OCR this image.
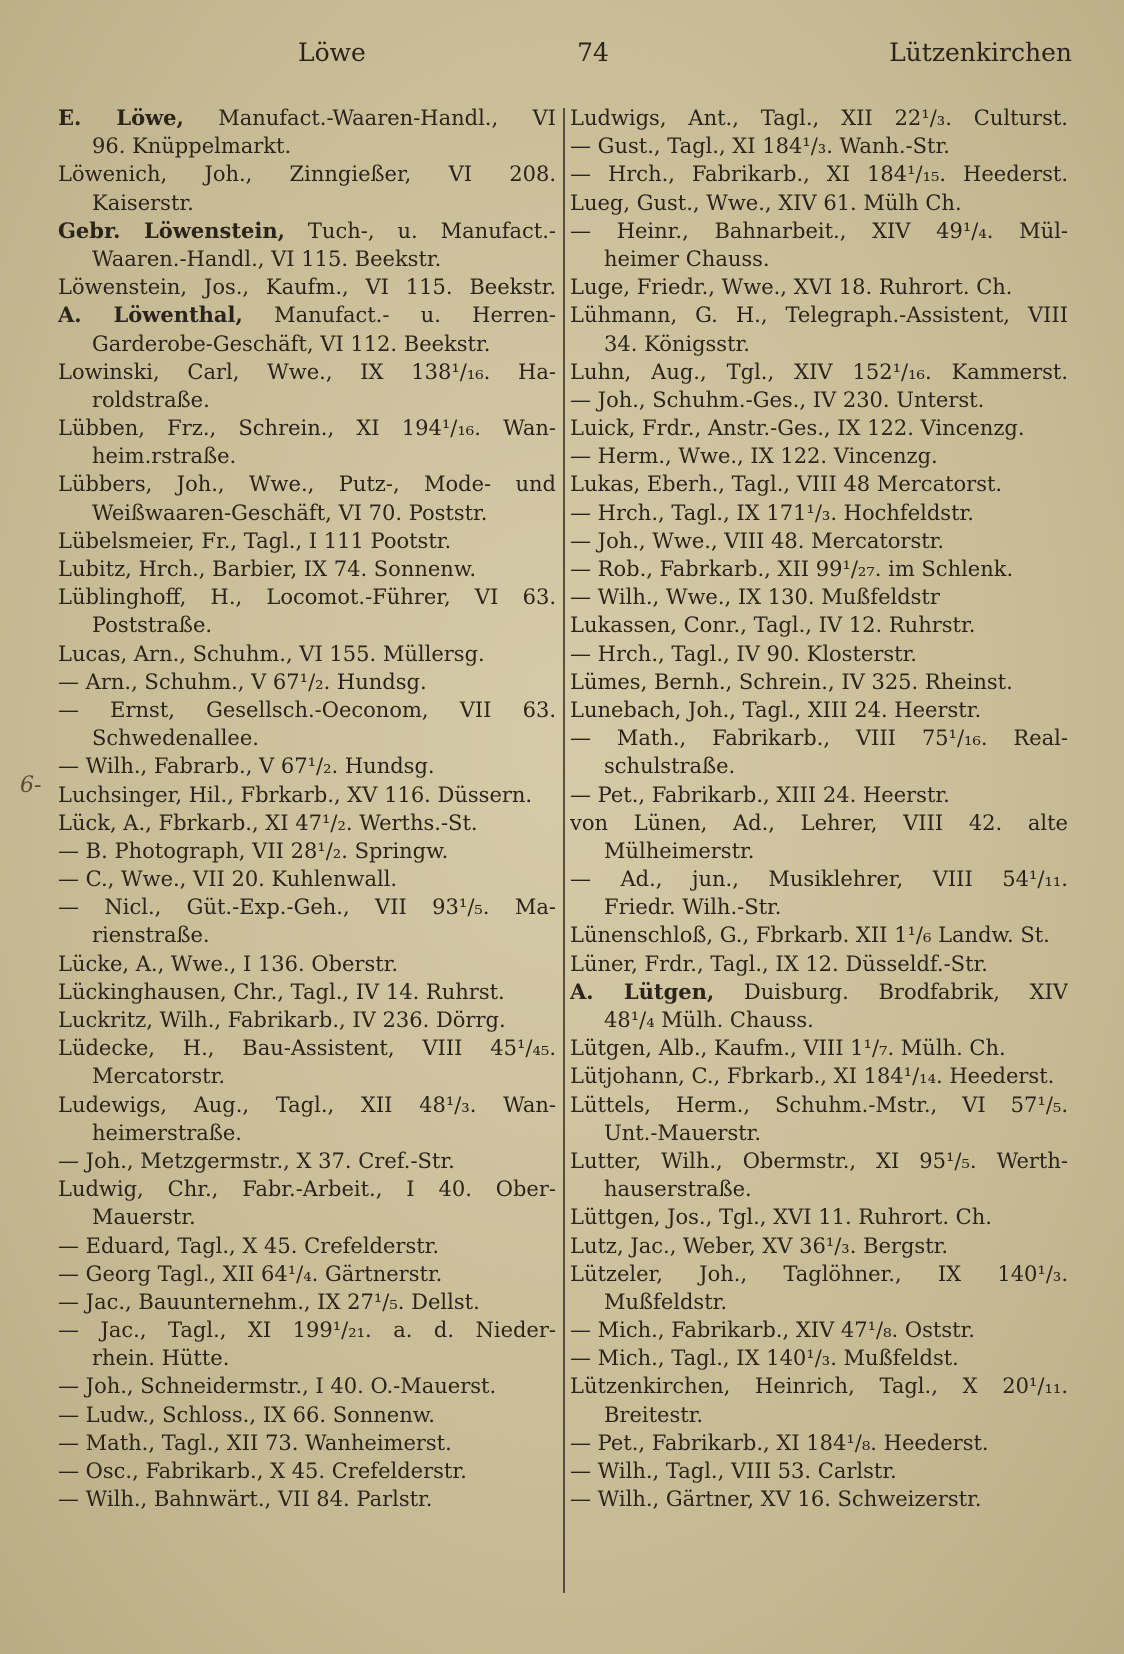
Löwe	74	Lützenkirchen
6-
E. Löwe, Manufact.-Waaren-Handl., VI
96. Knüppelmarkt.
Löwenich, Joh., Zinngießer, VI 208.
Kaiserstr.
Gebr. Löwenstein, Tuch-, u. Manufact.-
Waaren.-Handl., VI 115. Beekstr.
Löwenstein, Jos., Kaufm., VI 115. Beekstr.
A. Löwenthal, Manufact.- u. Herren-
Garderobe-Geschäft, VI 112. Beekstr.
Lowinski, Carl, Wwe., IX 138¹/₁₆. Ha-
roldstraße.
Lübben, Frz., Schrein., XI 194¹/₁₆. Wan-
heim.rstraße.
Lübbers, Joh., Wwe., Putz-, Mode- und
Weißwaaren-Geschäft, VI 70. Poststr.
Lübelsmeier, Fr., Tagl., I 111 Pootstr.
Lubitz, Hrch., Barbier, IX 74. Sonnenw.
Lüblinghoff, H., Locomot.-Führer, VI 63.
Poststraße.
Lucas, Arn., Schuhm., VI 155. Müllersg.
— Arn., Schuhm., V 67¹/₂. Hundsg.
— Ernst, Gesellsch.-Oeconom, VII 63.
Schwedenallee.
— Wilh., Fabrarb., V 67¹/₂. Hundsg.
Luchsinger, Hil., Fbrkarb., XV 116. Düssern.
Lück, A., Fbrkarb., XI 47¹/₂. Werths.-St.
— B. Photograph, VII 28¹/₂. Springw.
— C., Wwe., VII 20. Kuhlenwall.
— Nicl., Güt.-Exp.-Geh., VII 93¹/₅. Ma-
rienstraße.
Lücke, A., Wwe., I 136. Oberstr.
Lückinghausen, Chr., Tagl., IV 14. Ruhrst.
Luckritz, Wilh., Fabrikarb., IV 236. Dörrg.
Lüdecke, H., Bau-Assistent, VIII 45¹/₄₅.
Mercatorstr.
Ludewigs, Aug., Tagl., XII 48¹/₃. Wan-
heimerstraße.
— Joh., Metzgermstr., X 37. Cref.-Str.
Ludwig, Chr., Fabr.-Arbeit., I 40. Ober-
Mauerstr.
— Eduard, Tagl., X 45. Crefelderstr.
— Georg Tagl., XII 64¹/₄. Gärtnerstr.
— Jac., Bauunternehm., IX 27¹/₅. Dellst.
— Jac., Tagl., XI 199¹/₂₁. a. d. Nieder-
rhein. Hütte.
— Joh., Schneidermstr., I 40. O.-Mauerst.
— Ludw., Schloss., IX 66. Sonnenw.
— Math., Tagl., XII 73. Wanheimerst.
— Osc., Fabrikarb., X 45. Crefelderstr.
— Wilh., Bahnwärt., VII 84. Parlstr.
Ludwigs, Ant., Tagl., XII 22¹/₃. Culturst.
— Gust., Tagl., XI 184¹/₃. Wanh.-Str.
— Hrch., Fabrikarb., XI 184¹/₁₅. Heederst.
Lueg, Gust., Wwe., XIV 61. Mülh Ch.
— Heinr., Bahnarbeit., XIV 49¹/₄. Mül-
heimer Chauss.
Luge, Friedr., Wwe., XVI 18. Ruhrort. Ch.
Lühmann, G. H., Telegraph.-Assistent, VIII
34. Königsstr.
Luhn, Aug., Tgl., XIV 152¹/₁₆. Kammerst.
— Joh., Schuhm.-Ges., IV 230. Unterst.
Luick, Frdr., Anstr.-Ges., IX 122. Vincenzg.
— Herm., Wwe., IX 122. Vincenzg.
Lukas, Eberh., Tagl., VIII 48 Mercatorst.
— Hrch., Tagl., IX 171¹/₃. Hochfeldstr.
— Joh., Wwe., VIII 48. Mercatorstr.
— Rob., Fabrkarb., XII 99¹/₂₇. im Schlenk.
— Wilh., Wwe., IX 130. Mußfeldstr
Lukassen, Conr., Tagl., IV 12. Ruhrstr.
— Hrch., Tagl., IV 90. Klosterstr.
Lümes, Bernh., Schrein., IV 325. Rheinst.
Lunebach, Joh., Tagl., XIII 24. Heerstr.
— Math., Fabrikarb., VIII 75¹/₁₆. Real-
schulstraße.
— Pet., Fabrikarb., XIII 24. Heerstr.
von Lünen, Ad., Lehrer, VIII 42. alte
Mülheimerstr.
— Ad., jun., Musiklehrer, VIII 54¹/₁₁.
Friedr. Wilh.-Str.
Lünenschloß, G., Fbrkarb. XII 1¹/₆ Landw. St.
Lüner, Frdr., Tagl., IX 12. Düsseldf.-Str.
A. Lütgen, Duisburg. Brodfabrik, XIV
48¹/₄ Mülh. Chauss.
Lütgen, Alb., Kaufm., VIII 1¹/₇. Mülh. Ch.
Lütjohann, C., Fbrkarb., XI 184¹/₁₄. Heederst.
Lüttels, Herm., Schuhm.-Mstr., VI 57¹/₅.
Unt.-Mauerstr.
Lutter, Wilh., Obermstr., XI 95¹/₅. Werth-
hauserstraße.
Lüttgen, Jos., Tgl., XVI 11. Ruhrort. Ch.
Lutz, Jac., Weber, XV 36¹/₃. Bergstr.
Lützeler, Joh., Taglöhner., IX 140¹/₃.
Mußfeldstr.
— Mich., Fabrikarb., XIV 47¹/₈. Oststr.
— Mich., Tagl., IX 140¹/₃. Mußfeldst.
Lützenkirchen, Heinrich, Tagl., X 20¹/₁₁.
Breitestr.
— Pet., Fabrikarb., XI 184¹/₈. Heederst.
— Wilh., Tagl., VIII 53. Carlstr.
— Wilh., Gärtner, XV 16. Schweizerstr.
